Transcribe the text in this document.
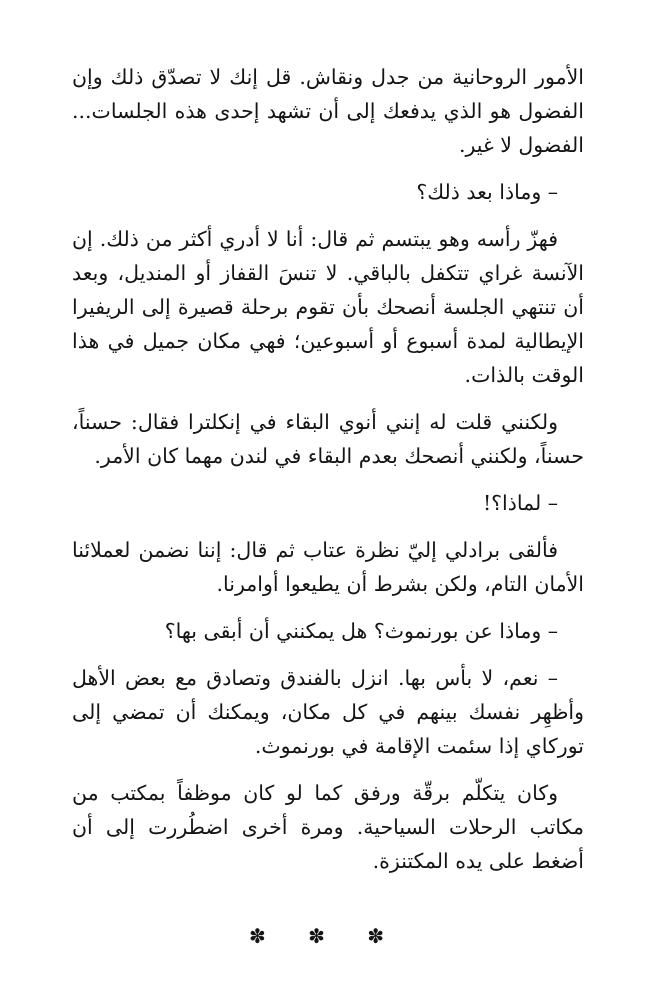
الأمور الروحانية من جدل ونقاش. قل إنك لا تصدّق ذلك وإن الفضول هو الذي يدفعك إلى أن تشهد إحدى هذه الجلسات... الفضول لا غير.

– وماذا بعد ذلك؟

فهزّ رأسه وهو يبتسم ثم قال: أنا لا أدري أكثر من ذلك. إن الآنسة غراي تتكفل بالباقي. لا تنسَ القفاز أو المنديل، وبعد أن تنتهي الجلسة أنصحك بأن تقوم برحلة قصيرة إلى الريفيرا الإيطالية لمدة أسبوع أو أسبوعين؛ فهي مكان جميل في هذا الوقت بالذات.

ولكنني قلت له إنني أنوي البقاء في إنكلترا فقال: حسناً، حسناً، ولكنني أنصحك بعدم البقاء في لندن مهما كان الأمر.

– لماذا؟!

فألقى برادلي إليّ نظرة عتاب ثم قال: إننا نضمن لعملائنا الأمان التام، ولكن بشرط أن يطيعوا أوامرنا.

– وماذا عن بورنموث؟ هل يمكنني أن أبقى بها؟

– نعم، لا بأس بها. انزل بالفندق وتصادق مع بعض الأهل وأظهِر نفسك بينهم في كل مكان، ويمكنك أن تمضي إلى توركاي إذا سئمت الإقامة في بورنموث.

وكان يتكلّم برقّة ورفق كما لو كان موظفاً بمكتب من مكاتب الرحلات السياحية. ومرة أخرى اضطُررت إلى أن أضغط على يده المكتنزة.

✽ ✽ ✽
